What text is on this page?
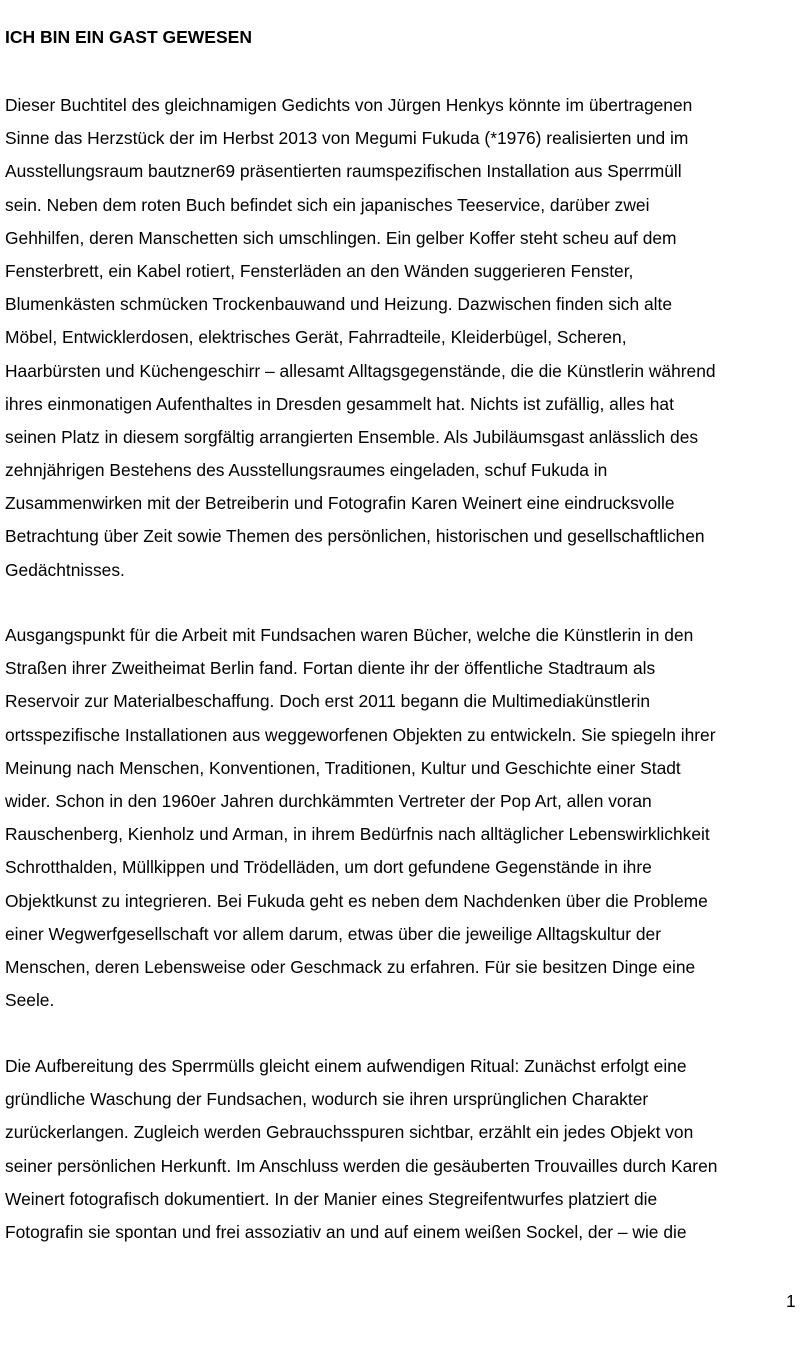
ICH BIN EIN GAST GEWESEN

Dieser Buchtitel des gleichnamigen Gedichts von Jürgen Henkys könnte im übertragenen
Sinne das Herzstück der im Herbst 2013 von Megumi Fukuda (*1976) realisierten und im
Ausstellungsraum bautzner69 präsentierten raumspezifischen Installation aus Sperrmüll
sein. Neben dem roten Buch befindet sich ein japanisches Teeservice, darüber zwei
Gehhilfen, deren Manschetten sich umschlingen. Ein gelber Koffer steht scheu auf dem
Fensterbrett, ein Kabel rotiert, Fensterläden an den Wänden suggerieren Fenster,
Blumenkästen schmücken Trockenbauwand und Heizung. Dazwischen finden sich alte
Möbel, Entwicklerdosen, elektrisches Gerät, Fahrradteile, Kleiderbügel, Scheren,
Haarbürsten und Küchengeschirr – allesamt Alltagsgegenstände, die die Künstlerin während
ihres einmonatigen Aufenthaltes in Dresden gesammelt hat. Nichts ist zufällig, alles hat
seinen Platz in diesem sorgfältig arrangierten Ensemble. Als Jubiläumsgast anlässlich des
zehnjährigen Bestehens des Ausstellungsraumes eingeladen, schuf Fukuda in
Zusammenwirken mit der Betreiberin und Fotografin Karen Weinert eine eindrucksvolle
Betrachtung über Zeit sowie Themen des persönlichen, historischen und gesellschaftlichen
Gedächtnisses.

Ausgangspunkt für die Arbeit mit Fundsachen waren Bücher, welche die Künstlerin in den
Straßen ihrer Zweitheimat Berlin fand. Fortan diente ihr der öffentliche Stadtraum als
Reservoir zur Materialbeschaffung. Doch erst 2011 begann die Multimediakünstlerin
ortsspezifische Installationen aus weggeworfenen Objekten zu entwickeln. Sie spiegeln ihrer
Meinung nach Menschen, Konventionen, Traditionen, Kultur und Geschichte einer Stadt
wider. Schon in den 1960er Jahren durchkämmten Vertreter der Pop Art, allen voran
Rauschenberg, Kienholz und Arman, in ihrem Bedürfnis nach alltäglicher Lebenswirklichkeit
Schrotthalden, Müllkippen und Trödelläden, um dort gefundene Gegenstände in ihre
Objektkunst zu integrieren. Bei Fukuda geht es neben dem Nachdenken über die Probleme
einer Wegwerfgesellschaft vor allem darum, etwas über die jeweilige Alltagskultur der
Menschen, deren Lebensweise oder Geschmack zu erfahren. Für sie besitzen Dinge eine
Seele.

Die Aufbereitung des Sperrmülls gleicht einem aufwendigen Ritual: Zunächst erfolgt eine
gründliche Waschung der Fundsachen, wodurch sie ihren ursprünglichen Charakter
zurückerlangen. Zugleich werden Gebrauchsspuren sichtbar, erzählt ein jedes Objekt von
seiner persönlichen Herkunft. Im Anschluss werden die gesäuberten Trouvailles durch Karen
Weinert fotografisch dokumentiert. In der Manier eines Stegreifentwurfes platziert die
Fotografin sie spontan und frei assoziativ an und auf einem weißen Sockel, der – wie die

1
